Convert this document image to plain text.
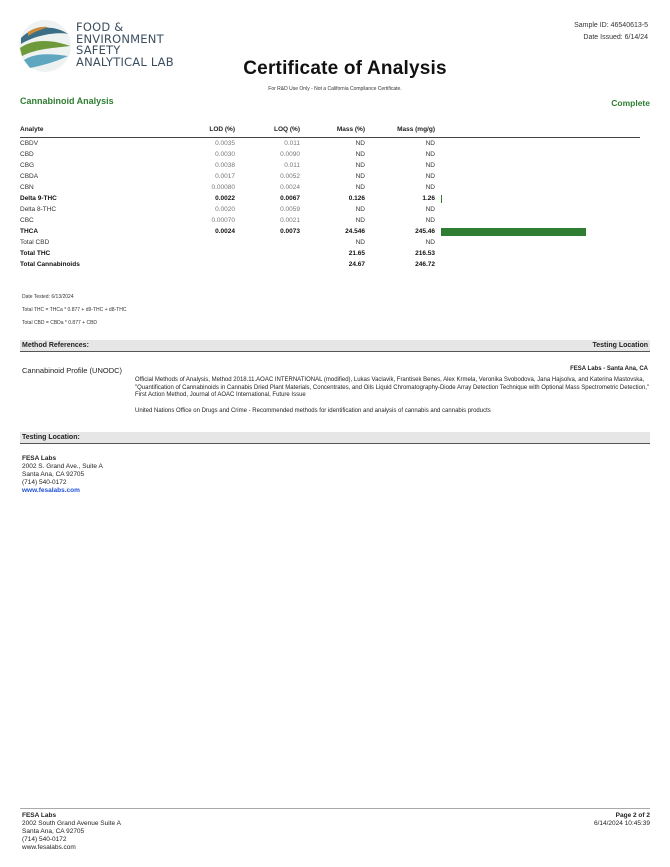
FOOD &
ENVIRONMENT
SAFETY
ANALYTICAL LAB
Sample ID: 46540613-5
Date Issued: 6/14/24
Certificate of Analysis
For R&D Use Only - Not a California Compliance Certificate.
Cannabinoid Analysis	Complete
Analyte	LOD (%)	LOQ (%)	Mass (%)	Mass (mg/g)	
CBDV	0.0035	0.011	ND	ND	
CBD	0.0030	0.0090	ND	ND	
CBG	0.0038	0.011	ND	ND	
CBDA	0.0017	0.0052	ND	ND	
CBN	0.00080	0.0024	ND	ND	
Delta 9-THC	0.0022	0.0067	0.126	1.26	
Delta 8-THC	0.0020	0.0059	ND	ND	
CBC	0.00070	0.0021	ND	ND	
THCA	0.0024	0.0073	24.546	245.46	
Total CBD			ND	ND	
Total THC			21.65	216.53	
Total Cannabinoids			24.67	246.72	
Date Tested: 6/13/2024
Total THC = THCa * 0.877 + d9-THC + d8-THC
Total CBD = CBDa * 0.877 + CBD
Method References:	Testing Location
Cannabinoid Profile (UNODC)	FESA Labs - Santa Ana, CA
Official Methods of Analysis, Method 2018.11.AOAC INTERNATIONAL (modified), Lukas Vaclavik, Frantisek Benes, Alex Krmela, Veronika Svobodova, Jana Hajsolva, and Katerina Mastovska, "Quantification of Cannabinoids in Cannabis Dried Plant Materials, Concentrates, and Oils Liquid Chromatography-Diode Array Detection Technique with Optional Mass Spectrometric Detection," First Action Method, Journal of AOAC International, Future Issue
United Nations Office on Drugs and Crime - Recommended methods for identification and analysis of cannabis and cannabis products
Testing Location:
FESA Labs
2002 S. Grand Ave., Suite A
Santa Ana, CA 92705
(714) 540-0172
www.fesalabs.com
FESA Labs
2002 South Grand Avenue Suite A
Santa Ana, CA 92705
(714) 540-0172
www.fesalabs.com
Page 2 of 2
6/14/2024 10:45:39
